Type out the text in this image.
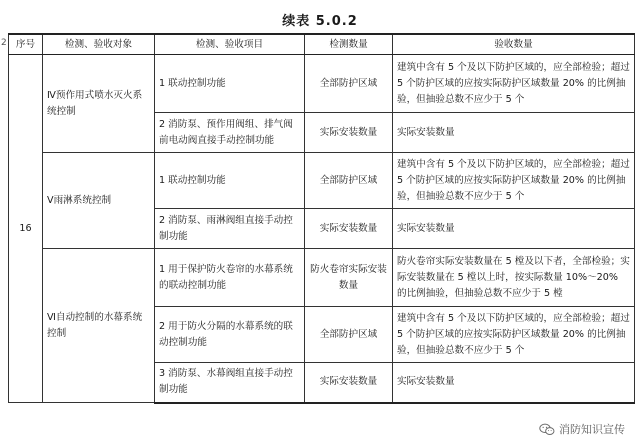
续表 5.0.2
2 序号	检测、验收对象	检测、验收项目	检测数量	验收数量
16	Ⅳ预作用式喷水灭火系统控制	1 联动控制功能	全部防护区域	建筑中含有 5 个及以下防护区域的，应全部检验；超过 5 个防护区域的应按实际防护区域数量 20% 的比例抽验，但抽验总数不应少于 5 个
		2 消防泵、预作用阀组、排气阀前电动阀直接手动控制功能	实际安装数量	实际安装数量
	Ⅴ雨淋系统控制	1 联动控制功能	全部防护区域	建筑中含有 5 个及以下防护区域的，应全部检验；超过 5 个防护区域的应按实际防护区域数量 20% 的比例抽验，但抽验总数不应少于 5 个
		2 消防泵、雨淋阀组直接手动控制功能	实际安装数量	实际安装数量
	Ⅵ自动控制的水幕系统控制	1 用于保护防火卷帘的水幕系统的联动控制功能	防火卷帘实际安装数量	防火卷帘实际安装数量在 5 樘及以下者，全部检验；实际安装数量在 5 樘以上时，按实际数量 10%～20% 的比例抽验，但抽验总数不应少于 5 樘
		2 用于防火分隔的水幕系统的联动控制功能	全部防护区域	建筑中含有 5 个及以下防护区域的，应全部检验；超过 5 个防护区域的应按实际防护区域数量 20% 的比例抽验，但抽验总数不应少于 5 个
		3 消防泵、水幕阀组直接手动控制功能	实际安装数量	实际安装数量
消防知识宣传
